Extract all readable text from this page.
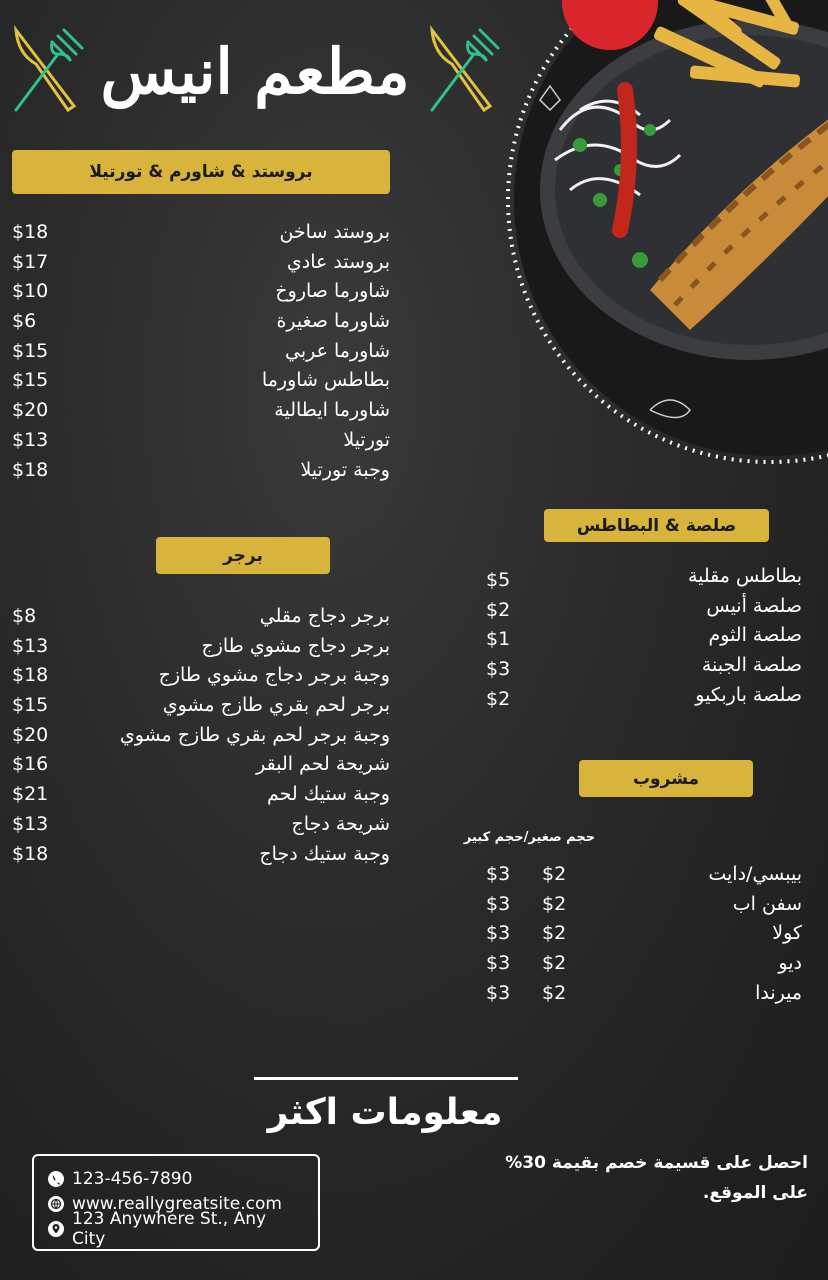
مطعم انيس
بروستد & شاورم & تورتيلا
بروستد ساخن
$18
بروستد عادي
$17
شاورما صاروخ
$10
شاورما صغيرة
$6
شاورما عربي
$15
بطاطس شاورما
$15
شاورما ايطالية
$20
تورتيلا
$13
وجبة تورتيلا
$18
برجر
برجر دجاج مقلي
$8
برجر دجاج مشوي طازج
$13
وجبة برجر دجاج مشوي طازج
$18
برجر لحم بقري طازج مشوي
$15
وجبة برجر لحم بقري طازج مشوي
$20
شريحة لحم البقر
$16
وجبة ستيك لحم
$21
شريحة دجاج
$13
وجبة ستيك دجاج
$18
صلصة & البطاطس
بطاطس مقلية
$5
صلصة أنيس
$2
صلصة الثوم
$1
صلصة الجبنة
$3
صلصة باربكيو
$2
مشروب
حجم صغير/حجم كبير
بيبسي/دايت
$2
$3
سفن اب
$2
$3
كولا
$2
$3
ديو
$2
$3
ميرندا
$2
$3
معلومات اكثر
احصل على قسيمة خصم بقيمة 30%
على الموقع.
123-456-7890
www.reallygreatsite.com
123 Anywhere St., Any City
